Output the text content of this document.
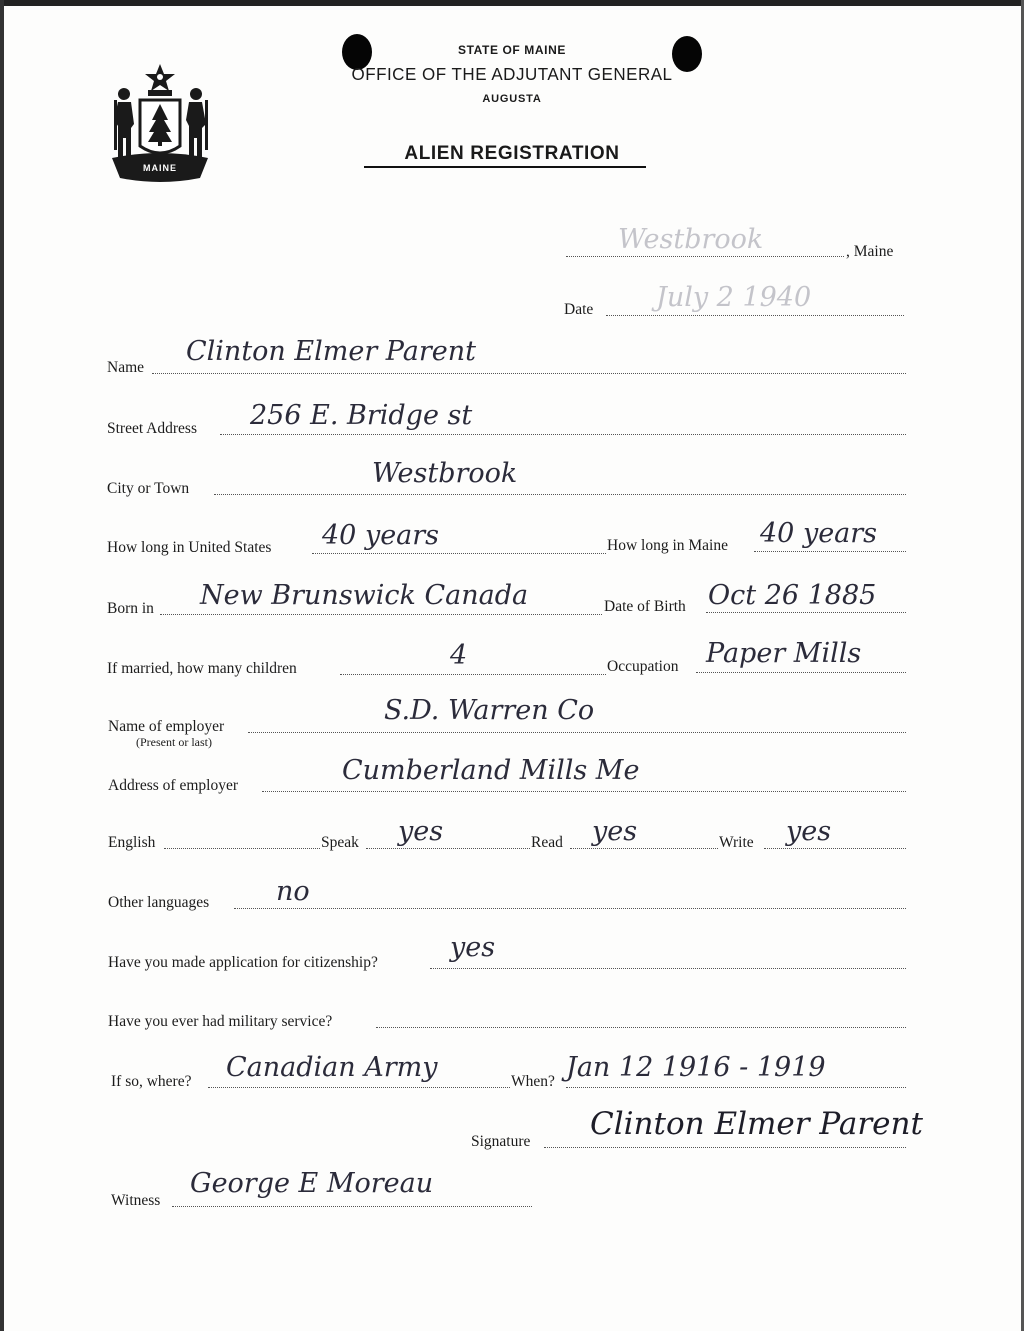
MAINE
STATE OF MAINE
OFFICE OF THE ADJUTANT GENERAL
AUGUSTA
ALIEN REGISTRATION
Westbrook	, Maine
Date July 2 1940
Name
Clinton Elmer Parent
Street Address 256 E. Bridge st
City or Town	Westbrook
How long in United States 40 years	How long in Maine 40 years
Born in New Brunswick Canada	Date of Birth Oct 26 1885
If married, how many children	4	Occupation Paper Mills
Name of employer
(Present or last)
S.D. Warren Co
Address of employer	Cumberland Mills Me
English	Speak yes	Read yes	Write yes
Other languages no
Have you made application for citizenship?	yes
Have you ever had military service?
If so, where? Canadian Army	When? Jan 12 1916 - 1919
Signature Clinton Elmer Parent
Witness
George E Moreau
